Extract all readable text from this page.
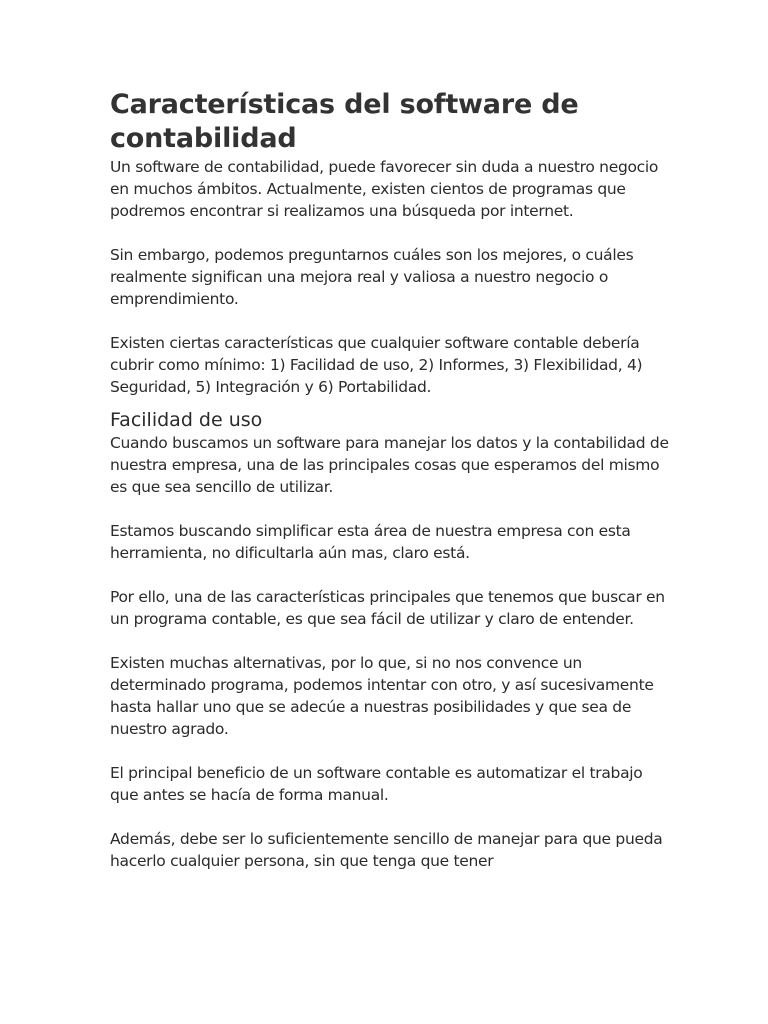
Características del software de
contabilidad

Un software de contabilidad, puede favorecer sin duda a nuestro negocio en muchos ámbitos. Actualmente, existen cientos de programas que podremos encontrar si realizamos una búsqueda por internet.

Sin embargo, podemos preguntarnos cuáles son los mejores, o cuáles realmente significan una mejora real y valiosa a nuestro negocio o emprendimiento.

Existen ciertas características que cualquier software contable debería cubrir como mínimo: 1) Facilidad de uso, 2) Informes, 3) Flexibilidad, 4) Seguridad, 5) Integración y 6) Portabilidad.

Facilidad de uso

Cuando buscamos un software para manejar los datos y la contabilidad de nuestra empresa, una de las principales cosas que esperamos del mismo es que sea sencillo de utilizar.

Estamos buscando simplificar esta área de nuestra empresa con esta herramienta, no dificultarla aún mas, claro está.

Por ello, una de las características principales que tenemos que buscar en un programa contable, es que sea fácil de utilizar y claro de entender.

Existen muchas alternativas, por lo que, si no nos convence un determinado programa, podemos intentar con otro, y así sucesivamente hasta hallar uno que se adecúe a nuestras posibilidades y que sea de nuestro agrado.

El principal beneficio de un software contable es automatizar el trabajo que antes se hacía de forma manual.

Además, debe ser lo suficientemente sencillo de manejar para que pueda hacerlo cualquier persona, sin que tenga que tener
